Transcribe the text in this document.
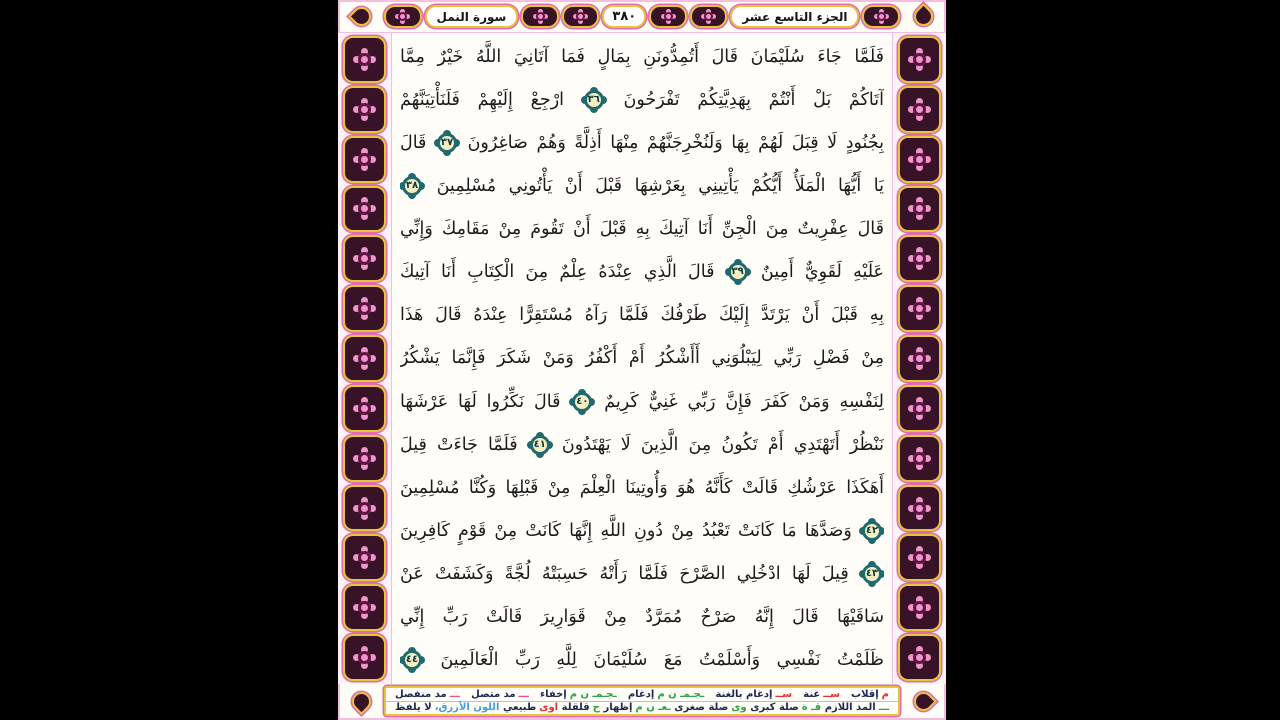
سورة النمل	٣٨٠	الجزء التاسع عشر
فَلَمَّا جَاءَ سُلَيْمَانَ قَالَ أَتُمِدُّونَنِ بِمَالٍ فَمَا آتَانِيَ اللَّهُ خَيْرٌ مِمَّا
آتَاكُمْ بَلْ أَنْتُمْ بِهَدِيَّتِكُمْ تَفْرَحُونَ ٣٦ ارْجِعْ إِلَيْهِمْ فَلَنَأْتِيَنَّهُمْ
بِجُنُودٍ لَا قِبَلَ لَهُمْ بِهَا وَلَنُخْرِجَنَّهُمْ مِنْهَا أَذِلَّةً وَهُمْ صَاغِرُونَ ٣٧ قَالَ
يَا أَيُّهَا الْمَلَأُ أَيُّكُمْ يَأْتِينِي بِعَرْشِهَا قَبْلَ أَنْ يَأْتُونِي مُسْلِمِينَ ٣٨
قَالَ عِفْرِيتٌ مِنَ الْجِنِّ أَنَا آتِيكَ بِهِ قَبْلَ أَنْ تَقُومَ مِنْ مَقَامِكَ وَإِنِّي
عَلَيْهِ لَقَوِيٌّ أَمِينٌ ٣٩ قَالَ الَّذِي عِنْدَهُ عِلْمٌ مِنَ الْكِتَابِ أَنَا آتِيكَ
بِهِ قَبْلَ أَنْ يَرْتَدَّ إِلَيْكَ طَرْفُكَ فَلَمَّا رَآهُ مُسْتَقِرًّا عِنْدَهُ قَالَ هَذَا
مِنْ فَضْلِ رَبِّي لِيَبْلُوَنِي أَأَشْكُرُ أَمْ أَكْفُرُ وَمَنْ شَكَرَ فَإِنَّمَا يَشْكُرُ
لِنَفْسِهِ وَمَنْ كَفَرَ فَإِنَّ رَبِّي غَنِيٌّ كَرِيمٌ ٤٠ قَالَ نَكِّرُوا لَهَا عَرْشَهَا
نَنْظُرْ أَتَهْتَدِي أَمْ تَكُونُ مِنَ الَّذِينَ لَا يَهْتَدُونَ ٤١ فَلَمَّا جَاءَتْ قِيلَ
أَهَكَذَا عَرْشُكِ قَالَتْ كَأَنَّهُ هُوَ وَأُوتِينَا الْعِلْمَ مِنْ قَبْلِهَا وَكُنَّا مُسْلِمِينَ
٤٢ وَصَدَّهَا مَا كَانَتْ تَعْبُدُ مِنْ دُونِ اللَّهِ إِنَّهَا كَانَتْ مِنْ قَوْمٍ كَافِرِينَ
٤٣ قِيلَ لَهَا ادْخُلِي الصَّرْحَ فَلَمَّا رَأَتْهُ حَسِبَتْهُ لُجَّةً وَكَشَفَتْ عَنْ
سَاقَيْهَا قَالَ إِنَّهُ صَرْحٌ مُمَرَّدٌ مِنْ قَوَارِيرَ قَالَتْ رَبِّ إِنِّي
ظَلَمْتُ نَفْسِي وَأَسْلَمْتُ مَعَ سُلَيْمَانَ لِلَّهِ رَبِّ الْعَالَمِينَ ٤٤
م
إقلاب
ســ
غنة
ســ
إدغام بالغنة
ـجـمـ ن م
إدغام
ـجـمـ ن م
إخفاء
ـــ
مد متصل
ـــ
مد منفصل
ـــ
المد اللازم
قـ ة
صلة كبرى
وى
صلة صغرى
ـعـ ن م
إظهار
ح
قلقلة
اوى
طبيعي
اللون الأزرق،
لا يلفظ
